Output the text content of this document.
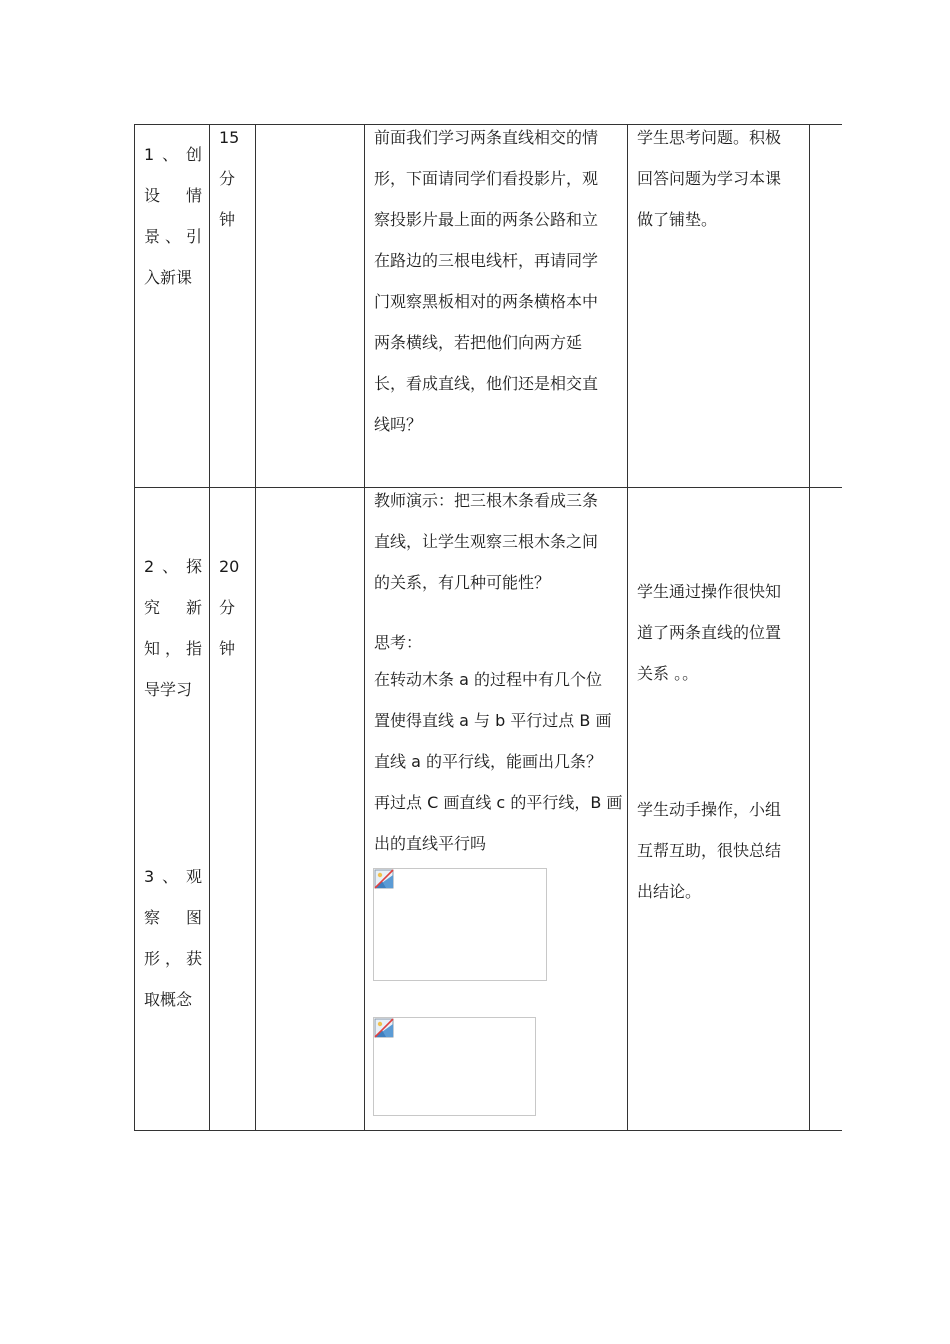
1 、 创
设 情
景 、 引
入新课
15
分
钟
前面我们学习两条直线相交的情
形，下面请同学们看投影片，观
察投影片最上面的两条公路和立
在路边的三根电线杆，再请同学
门观察黑板相对的两条横格本中
两条横线，若把他们向两方延
长，看成直线，他们还是相交直
线吗？
学生思考问题。积极
回答问题为学习本课
做了铺垫。
2 、 探
究 新
知 ， 指
导学习
3 、 观
察 图
形 ， 获
取概念
20
分
钟
教师演示：把三根木条看成三条
直线，让学生观察三根木条之间
的关系，有几种可能性？
思考：
在转动木条 a 的过程中有几个位
置使得直线 a 与 b 平行过点 B 画
直线 a 的平行线，能画出几条？
再过点 C 画直线 c 的平行线，B 画
出的直线平行吗
学生通过操作很快知
道了两条直线的位置
关系 。。
学生动手操作，小组
互帮互助，很快总结
出结论。
